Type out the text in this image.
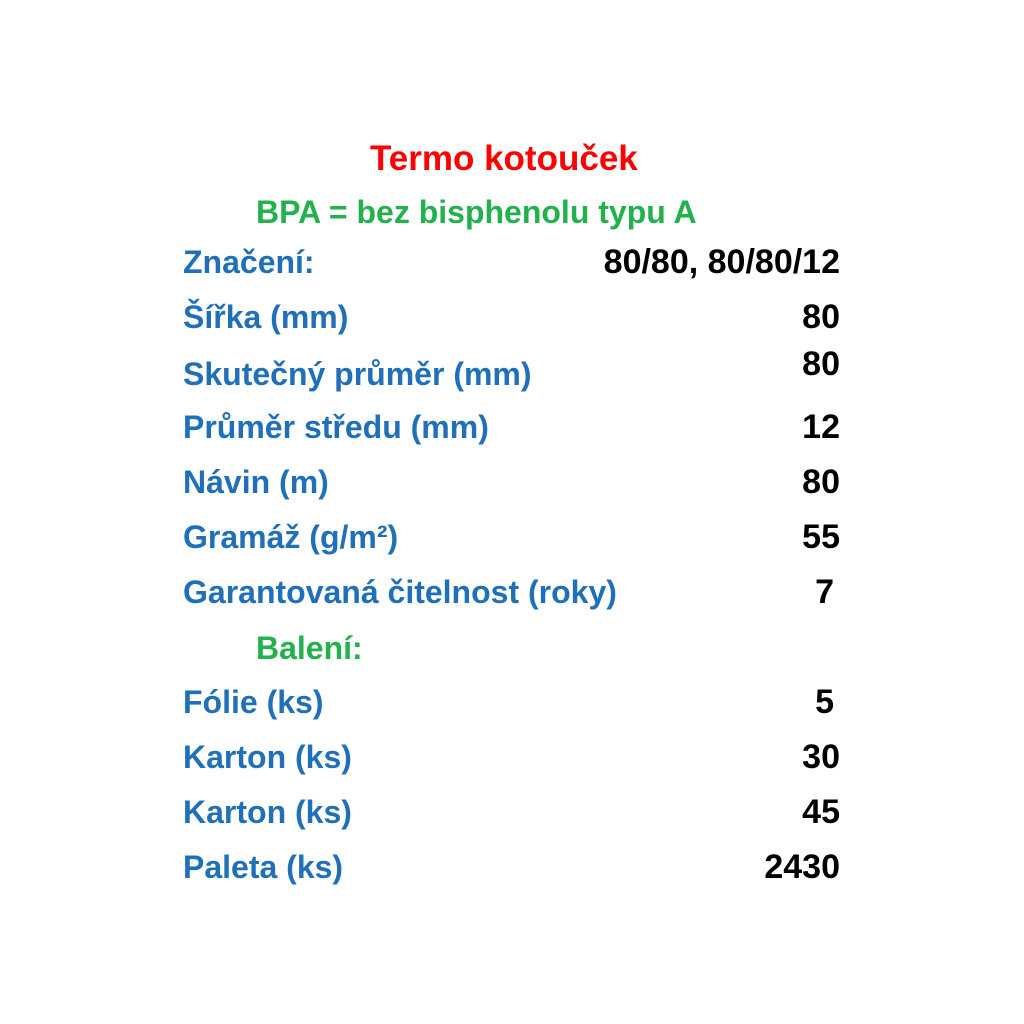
Termo kotouček
BPA = bez bisphenolu typu A
Značení:	80/80, 80/80/12
Šířka (mm)	80
Skutečný průměr (mm)	80
Průměr středu (mm)	12
Návin (m)	80
Gramáž (g/m²)	55
Garantovaná čitelnost (roky)	7
Balení:
Fólie (ks)	5
Karton (ks)	30
Karton (ks)	45
Paleta (ks)	2430
